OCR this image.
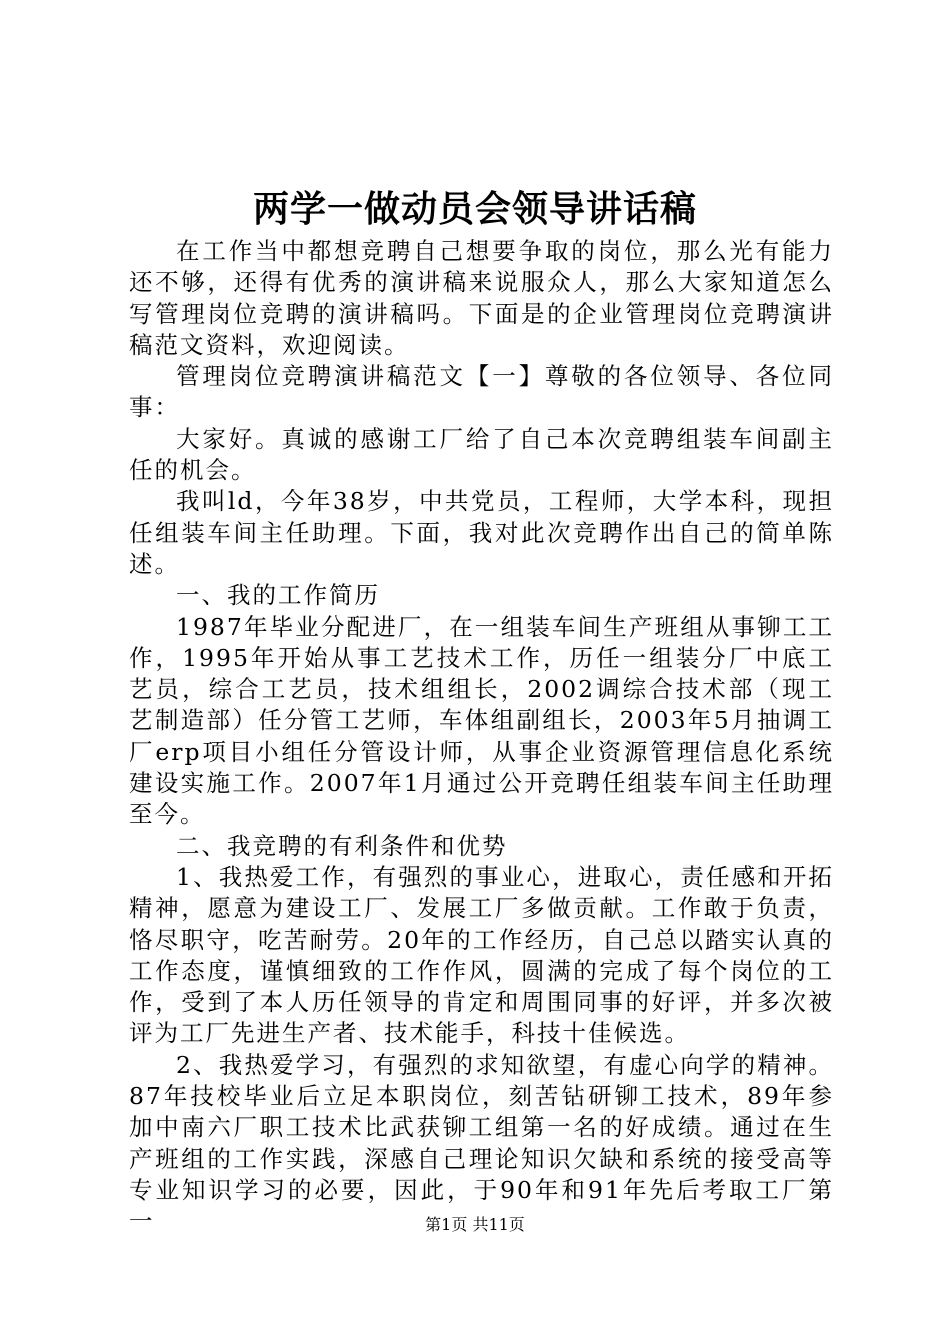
两学一做动员会领导讲话稿

在工作当中都想竞聘自己想要争取的岗位，那么光有能力还不够，还得有优秀的演讲稿来说服众人，那么大家知道怎么写管理岗位竞聘的演讲稿吗。下面是的企业管理岗位竞聘演讲稿范文资料，欢迎阅读。

管理岗位竞聘演讲稿范文【一】尊敬的各位领导、各位同事：

大家好。真诚的感谢工厂给了自己本次竞聘组装车间副主任的机会。

我叫ld，今年38岁，中共党员，工程师，大学本科，现担任组装车间主任助理。下面，我对此次竞聘作出自己的简单陈述。

一、我的工作简历

1987年毕业分配进厂，在一组装车间生产班组从事铆工工作，1995年开始从事工艺技术工作，历任一组装分厂中底工艺员，综合工艺员，技术组组长，2002调综合技术部（现工艺制造部）任分管工艺师，车体组副组长，2003年5月抽调工厂erp项目小组任分管设计师，从事企业资源管理信息化系统建设实施工作。2007年1月通过公开竞聘任组装车间主任助理至今。

二、我竞聘的有利条件和优势

1、我热爱工作，有强烈的事业心，进取心，责任感和开拓精神，愿意为建设工厂、发展工厂多做贡献。工作敢于负责，恪尽职守，吃苦耐劳。20年的工作经历，自己总以踏实认真的工作态度，谨慎细致的工作作风，圆满的完成了每个岗位的工作，受到了本人历任领导的肯定和周围同事的好评，并多次被评为工厂先进生产者、技术能手，科技十佳候选。

2、我热爱学习，有强烈的求知欲望，有虚心向学的精神。87年技校毕业后立足本职岗位，刻苦钻研铆工技术，89年参加中南六厂职工技术比武获铆工组第一名的好成绩。通过在生产班组的工作实践，深感自己理论知识欠缺和系统的接受高等专业知识学习的必要，因此，于90年和91年先后考取工厂第一	第1页 共11页
